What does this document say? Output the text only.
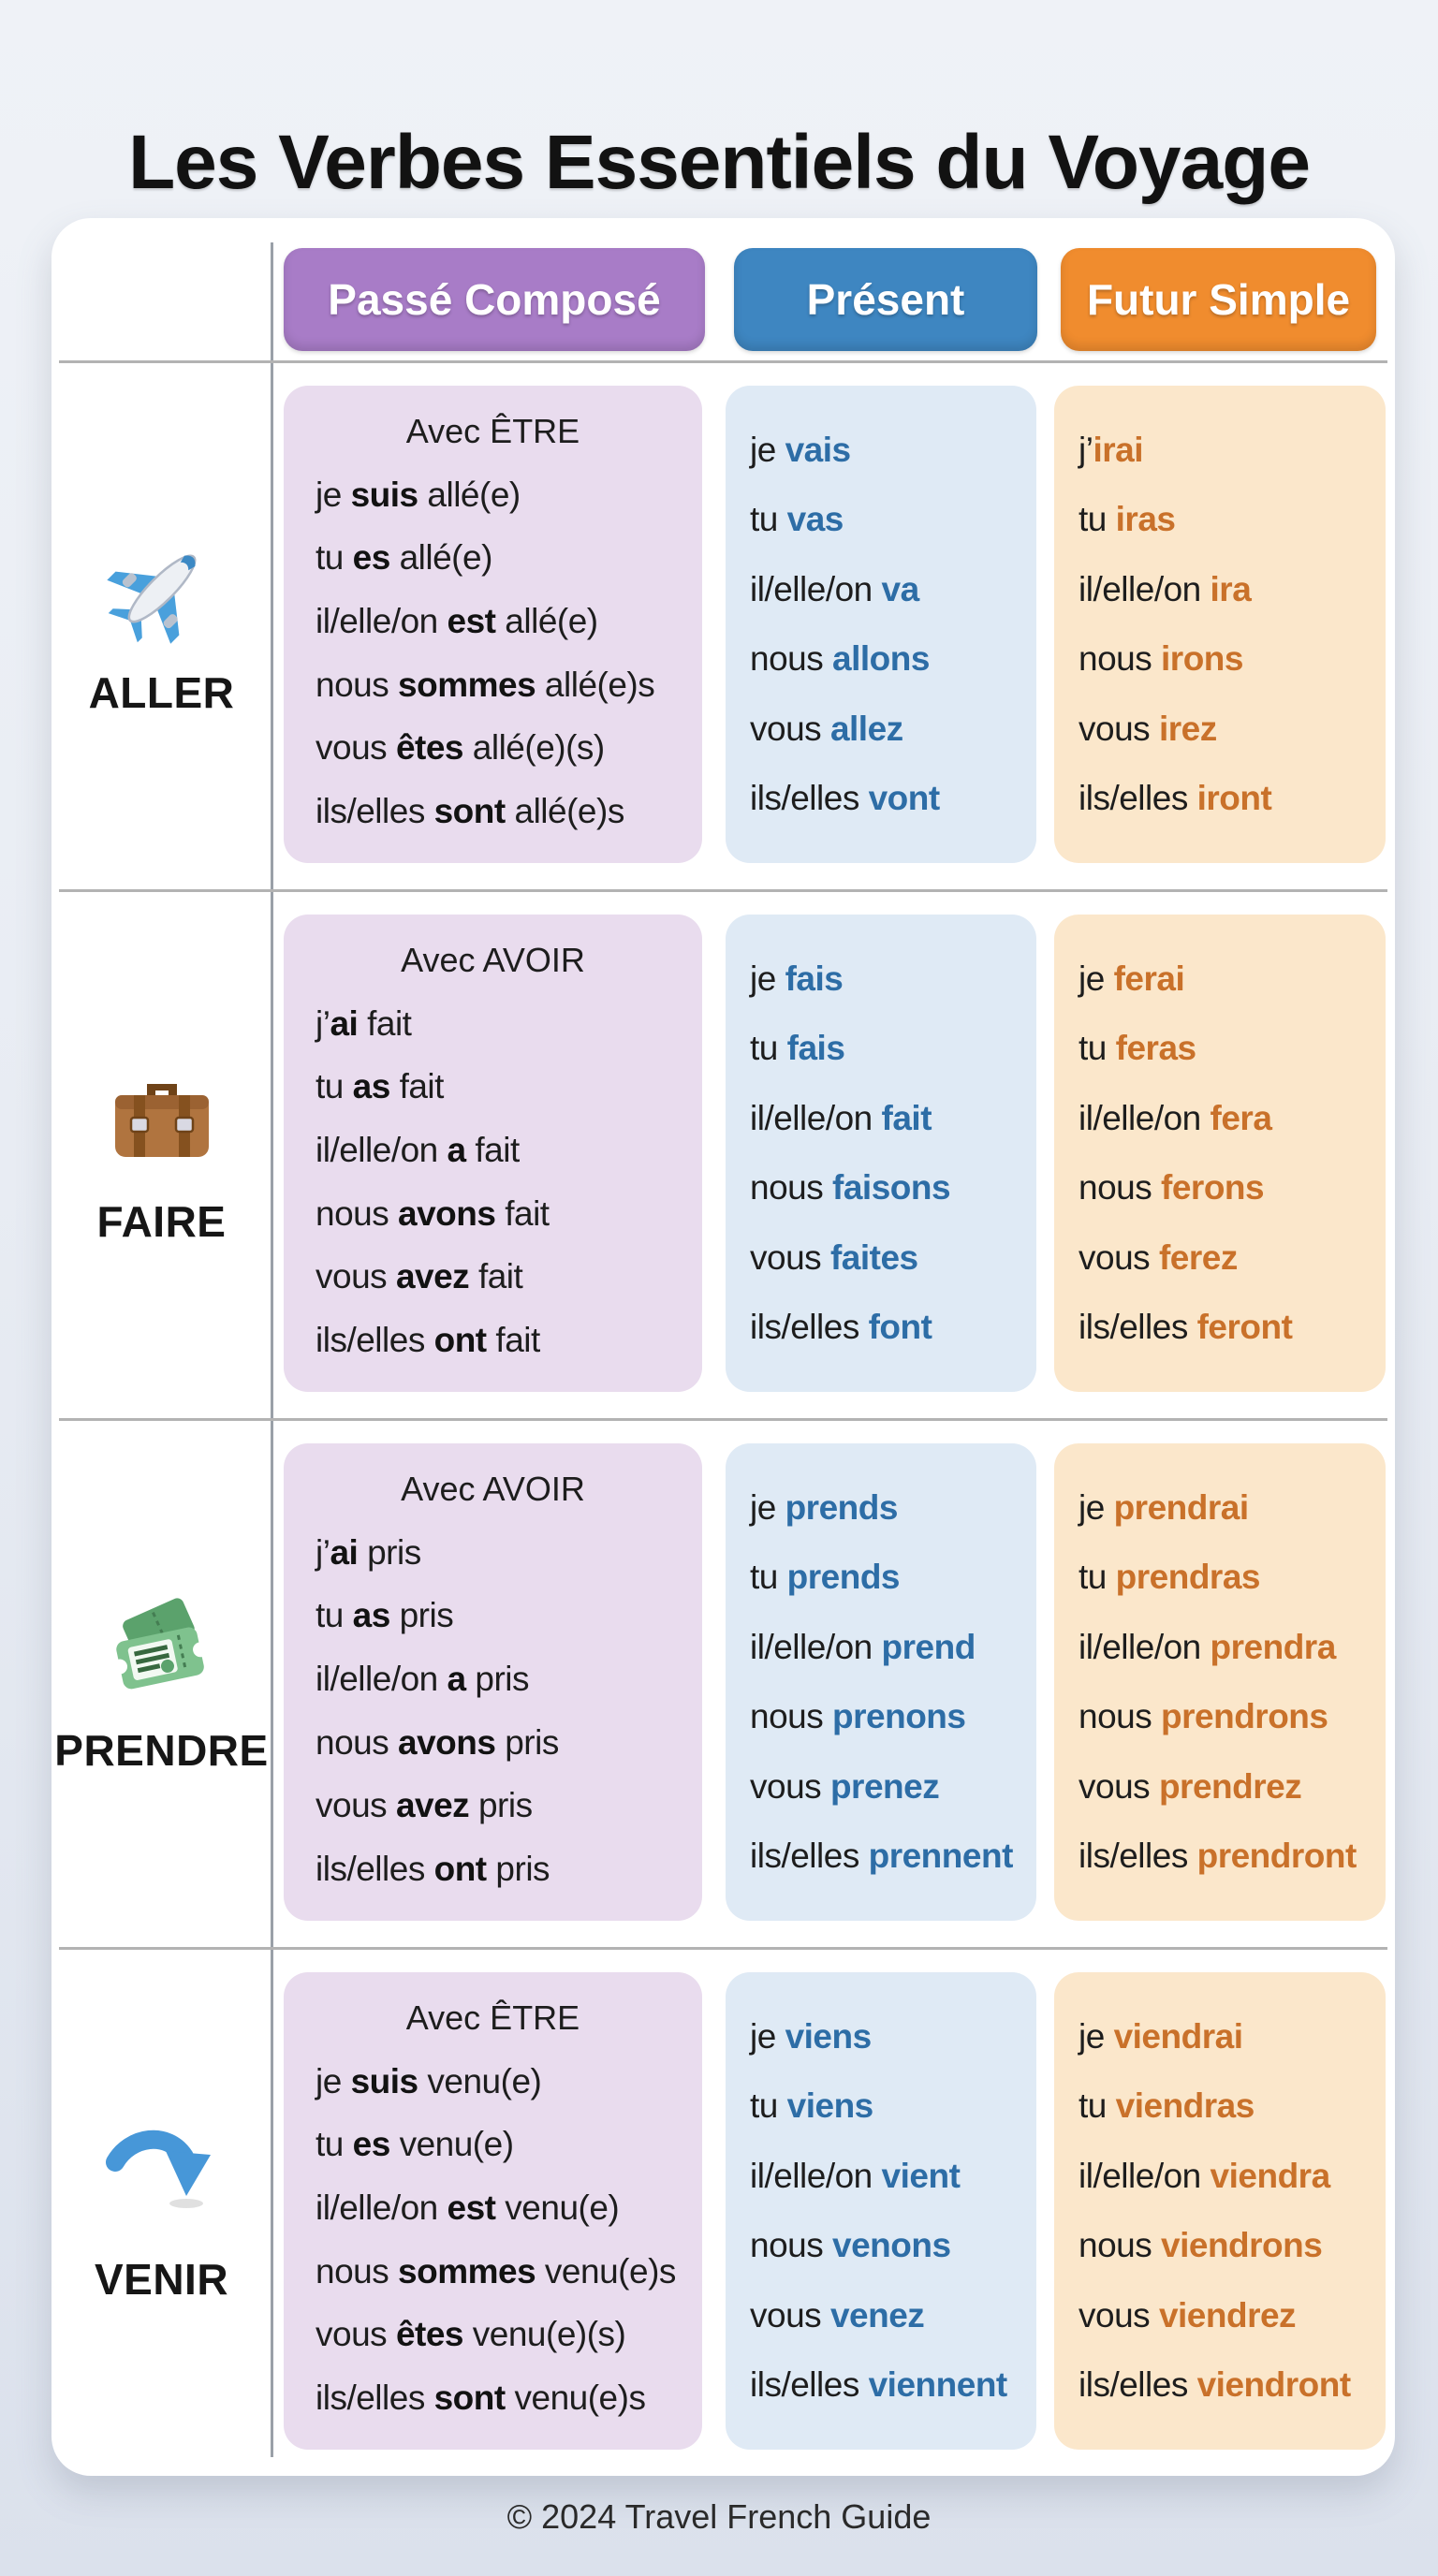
Les Verbes Essentiels du Voyage
Passé Composé	Présent	Futur Simple
ALLER
Avec ÊTRE
je suis allé(e)
tu es allé(e)
il/elle/on est allé(e)
nous sommes allé(e)s
vous êtes allé(e)(s)
ils/elles sont allé(e)s
je vais
tu vas
il/elle/on va
nous allons
vous allez
ils/elles vont
j’irai
tu iras
il/elle/on ira
nous irons
vous irez
ils/elles iront
FAIRE
Avec AVOIR
j’ai fait
tu as fait
il/elle/on a fait
nous avons fait
vous avez fait
ils/elles ont fait
je fais
tu fais
il/elle/on fait
nous faisons
vous faites
ils/elles font
je ferai
tu feras
il/elle/on fera
nous ferons
vous ferez
ils/elles feront
PRENDRE
Avec AVOIR
j’ai pris
tu as pris
il/elle/on a pris
nous avons pris
vous avez pris
ils/elles ont pris
je prends
tu prends
il/elle/on prend
nous prenons
vous prenez
ils/elles prennent
je prendrai
tu prendras
il/elle/on prendra
nous prendrons
vous prendrez
ils/elles prendront
VENIR
Avec ÊTRE
je suis venu(e)
tu es venu(e)
il/elle/on est venu(e)
nous sommes venu(e)s
vous êtes venu(e)(s)
ils/elles sont venu(e)s
je viens
tu viens
il/elle/on vient
nous venons
vous venez
ils/elles viennent
je viendrai
tu viendras
il/elle/on viendra
nous viendrons
vous viendrez
ils/elles viendront
© 2024 Travel French Guide
